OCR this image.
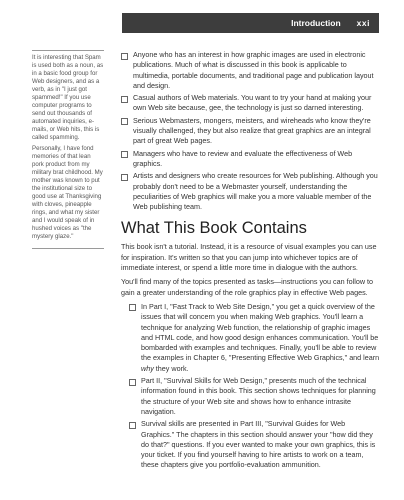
Introduction xxi

It is interesting that Spam is used both as a noun, as in a basic food group for Web designers, and as a verb, as in "I just got spammed!" If you use computer programs to send out thousands of automated inquiries, e-mails, or Web hits, this is called spamming.

Personally, I have fond memories of that lean pork product from my military brat childhood. My mother was known to put the institutional size to good use at Thanksgiving with cloves, pineapple rings, and what my sister and I would speak of in hushed voices as "the mystery glaze."

Anyone who has an interest in how graphic images are used in electronic publications. Much of what is discussed in this book is applicable to multimedia, portable documents, and traditional page and publication layout and design.
Casual authors of Web materials. You want to try your hand at making your own Web site because, gee, the technology is just so darned interesting.
Serious Webmasters, mongers, meisters, and wireheads who know they're visually challenged, they but also realize that great graphics are an integral part of great Web pages.
Managers who have to review and evaluate the effectiveness of Web graphics.
Artists and designers who create resources for Web publishing. Although you probably don't need to be a Webmaster yourself, understanding the peculiarities of Web graphics will make you a more valuable member of the Web publishing team.
What This Book Contains

This book isn't a tutorial. Instead, it is a resource of visual examples you can use for inspiration. It's written so that you can jump into whichever topics are of immediate interest, or spend a little more time in dialogue with the authors.

You'll find many of the topics presented as tasks—instructions you can follow to gain a greater understanding of the role graphics play in effective Web pages.

In Part I, "Fast Track to Web Site Design," you get a quick overview of the issues that will concern you when making Web graphics. You'll learn a technique for analyzing Web function, the relationship of graphic images and HTML code, and how good design enhances communication. You'll be bombarded with examples and techniques. Finally, you'll be able to review the examples in Chapter 6, "Presenting Effective Web Graphics," and learn why they work.
Part II, "Survival Skills for Web Design," presents much of the technical information found in this book. This section shows techniques for planning the structure of your Web site and shows how to enhance intrasite navigation.
Survival skills are presented in Part III, "Survival Guides for Web Graphics." The chapters in this section should answer your "how did they do that?" questions. If you ever wanted to make your own graphics, this is your ticket. If you find yourself having to hire artists to work on a team, these chapters give you portfolio-evaluation ammunition.
